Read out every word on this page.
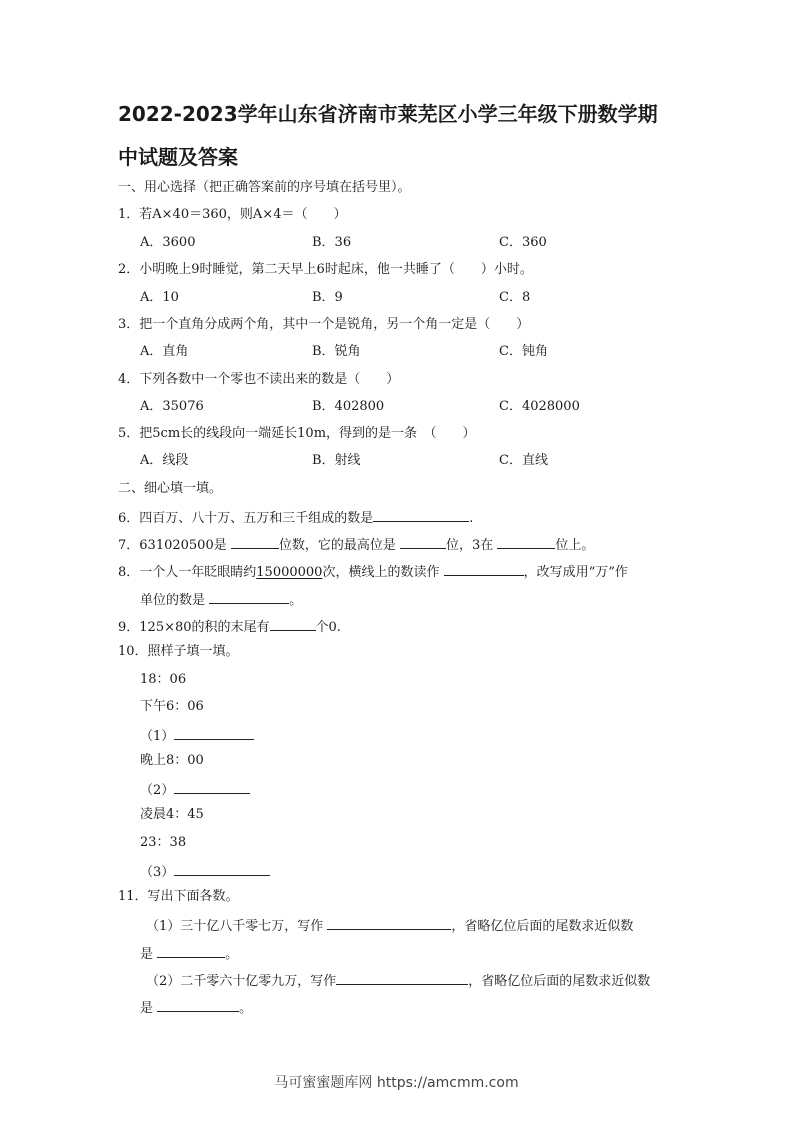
2022-2023学年山东省济南市莱芜区小学三年级下册数学期
中试题及答案
一、用心选择（把正确答案前的序号填在括号里）。
1．若A×40＝360，则A×4＝（　　）
A．3600	B．36	C．360
2．小明晚上9时睡觉，第二天早上6时起床，他一共睡了（　　）小时。
A．10	B．9	C．8
3．把一个直角分成两个角，其中一个是锐角，另一个角一定是（　　）
A．直角	B．锐角	C．钝角
4．下列各数中一个零也不读出来的数是（　　）
A．35076	B．402800	C．4028000
5．把5cm长的线段向一端延长10m，得到的是一条　（　　）
A．线段	B．射线	C．直线
二、细心填一填。
6．四百万、八十万、五万和三千组成的数是	.
7．631020500是	位数，它的最高位是	位，3在	位上。
8．一个人一年眨眼睛约15000000次，横线上的数读作	，改写成用“万”作
单位的数是	。
9．125×80的积的末尾有	个0.
10．照样子填一填。
18：06
下午6：06
（1）
晚上8：00
（2）
凌晨4：45
23：38
（3）
11．写出下面各数。
（1）三十亿八千零七万，写作	，省略亿位后面的尾数求近似数
是	。
（2）二千零六十亿零九万，写作	，省略亿位后面的尾数求近似数
是	。
马可蜜蜜题库网 https://amcmm.com
